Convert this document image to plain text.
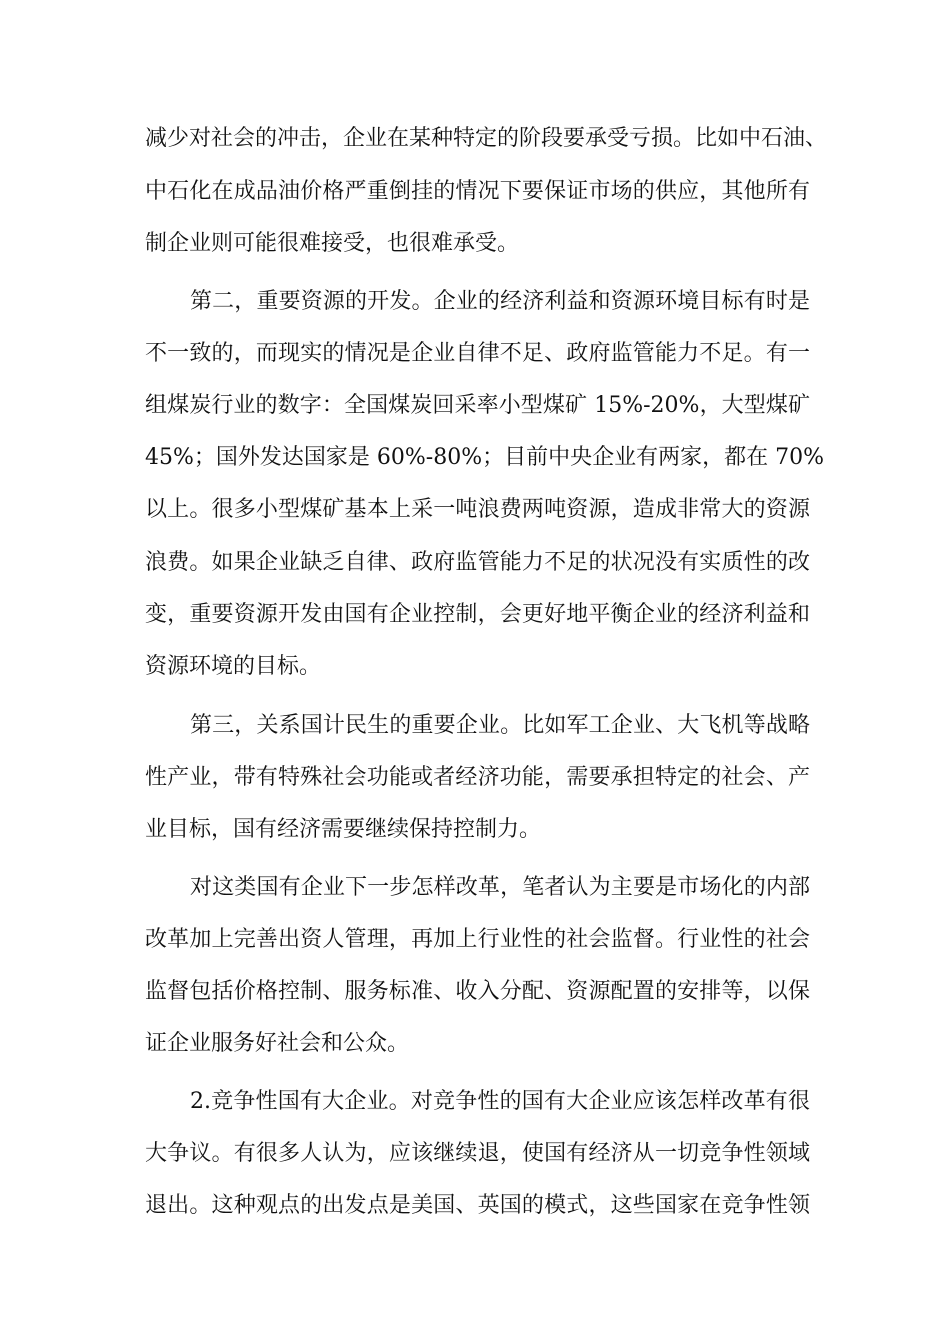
减少对社会的冲击，企业在某种特定的阶段要承受亏损。比如中石油、

中石化在成品油价格严重倒挂的情况下要保证市场的供应，其他所有

制企业则可能很难接受，也很难承受。

第二，重要资源的开发。企业的经济利益和资源环境目标有时是

不一致的，而现实的情况是企业自律不足、政府监管能力不足。有一

组煤炭行业的数字：全国煤炭回采率小型煤矿 15%-20%，大型煤矿

45%；国外发达国家是 60%-80%；目前中央企业有两家，都在 70%

以上。很多小型煤矿基本上采一吨浪费两吨资源，造成非常大的资源

浪费。如果企业缺乏自律、政府监管能力不足的状况没有实质性的改

变，重要资源开发由国有企业控制，会更好地平衡企业的经济利益和

资源环境的目标。

第三，关系国计民生的重要企业。比如军工企业、大飞机等战略

性产业，带有特殊社会功能或者经济功能，需要承担特定的社会、产

业目标，国有经济需要继续保持控制力。

对这类国有企业下一步怎样改革，笔者认为主要是市场化的内部

改革加上完善出资人管理，再加上行业性的社会监督。行业性的社会

监督包括价格控制、服务标准、收入分配、资源配置的安排等，以保

证企业服务好社会和公众。

2.竞争性国有大企业。对竞争性的国有大企业应该怎样改革有很

大争议。有很多人认为，应该继续退，使国有经济从一切竞争性领域

退出。这种观点的出发点是美国、英国的模式，这些国家在竞争性领
